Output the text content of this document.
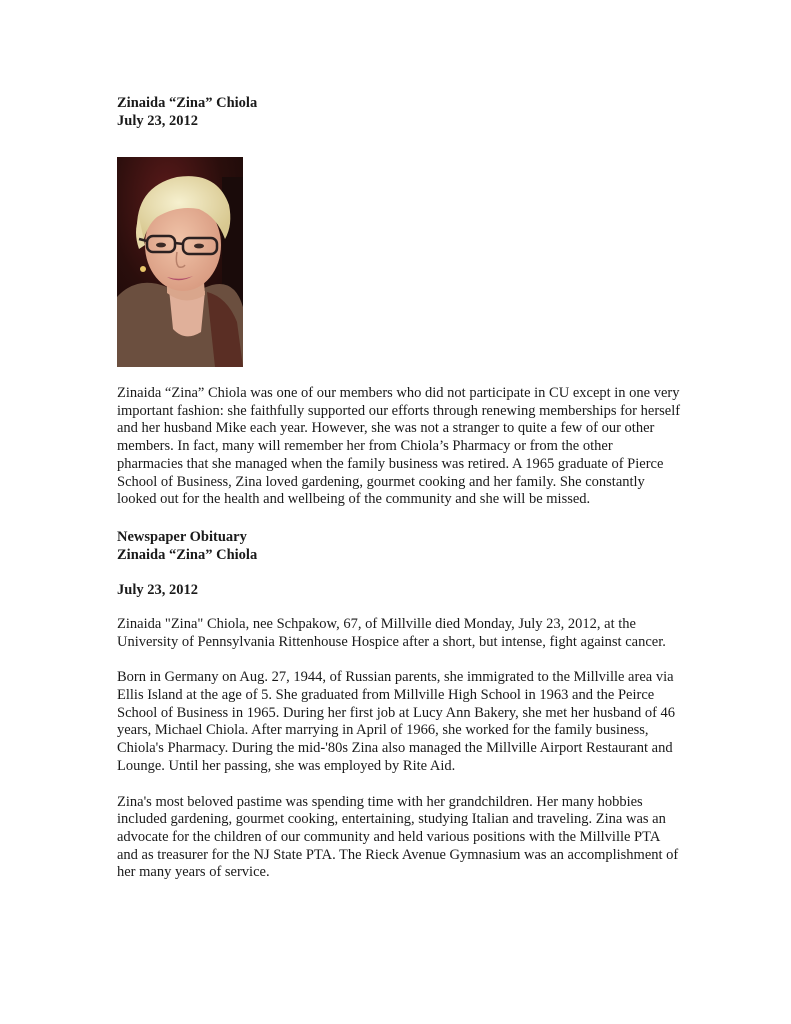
Zinaida “Zina” Chiola

July 23, 2012

Zinaida “Zina” Chiola was one of our members who did not participate in CU except in one very important fashion: she faithfully supported our efforts through renewing memberships for herself and her husband Mike each year. However, she was not a stranger to quite a few of our other members. In fact, many will remember her from Chiola’s Pharmacy or from the other pharmacies that she managed when the family business was retired. A 1965 graduate of Pierce School of Business, Zina loved gardening, gourmet cooking and her family. She constantly looked out for the health and wellbeing of the community and she will be missed.

Newspaper Obituary

Zinaida “Zina” Chiola

July 23, 2012

Zinaida "Zina" Chiola, nee Schpakow, 67, of Millville died Monday, July 23, 2012, at the University of Pennsylvania Rittenhouse Hospice after a short, but intense, fight against cancer.

Born in Germany on Aug. 27, 1944, of Russian parents, she immigrated to the Millville area via Ellis Island at the age of 5. She graduated from Millville High School in 1963 and the Peirce School of Business in 1965. During her first job at Lucy Ann Bakery, she met her husband of 46 years, Michael Chiola. After marrying in April of 1966, she worked for the family business, Chiola's Pharmacy. During the mid-'80s Zina also managed the Millville Airport Restaurant and Lounge. Until her passing, she was employed by Rite Aid.

Zina's most beloved pastime was spending time with her grandchildren. Her many hobbies included gardening, gourmet cooking, entertaining, studying Italian and traveling. Zina was an advocate for the children of our community and held various positions with the Millville PTA and as treasurer for the NJ State PTA. The Rieck Avenue Gymnasium was an accomplishment of her many years of service.
